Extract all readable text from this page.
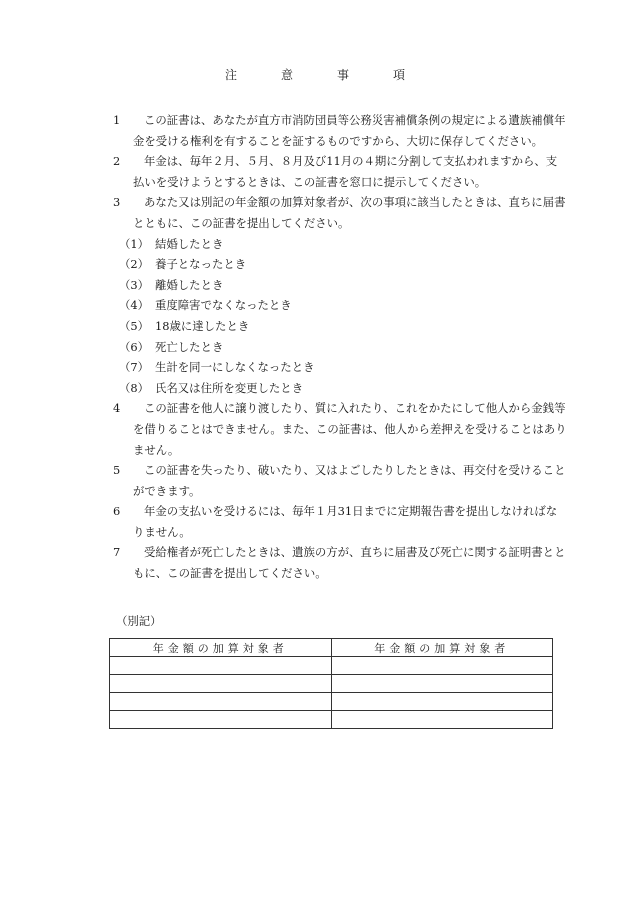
注	意	事	項
1	この証書は、あなたが直方市消防団員等公務災害補償条例の規定による遺族補償年金を受ける権利を有することを証するものですから、大切に保存してください。
2	年金は、毎年２月、５月、８月及び11月の４期に分割して支払われますから、支払いを受けようとするときは、この証書を窓口に提示してください。
3	あなた又は別記の年金額の加算対象者が、次の事項に該当したときは、直ちに届書とともに、この証書を提出してください。
（1） 結婚したとき
（2） 養子となったとき
（3） 離婚したとき
（4） 重度障害でなくなったとき
（5） 18歳に達したとき
（6） 死亡したとき
（7） 生計を同一にしなくなったとき
（8） 氏名又は住所を変更したとき
4	この証書を他人に譲り渡したり、質に入れたり、これをかたにして他人から金銭等を借りることはできません。また、この証書は、他人から差押えを受けることはありません。
5	この証書を失ったり、破いたり、又はよごしたりしたときは、再交付を受けることができます。
6	年金の支払いを受けるには、毎年１月31日までに定期報告書を提出しなければなりません。
7	受給権者が死亡したときは、遺族の方が、直ちに届書及び死亡に関する証明書とともに、この証書を提出してください。
（別記）
年金額の加算対象者	年金額の加算対象者
